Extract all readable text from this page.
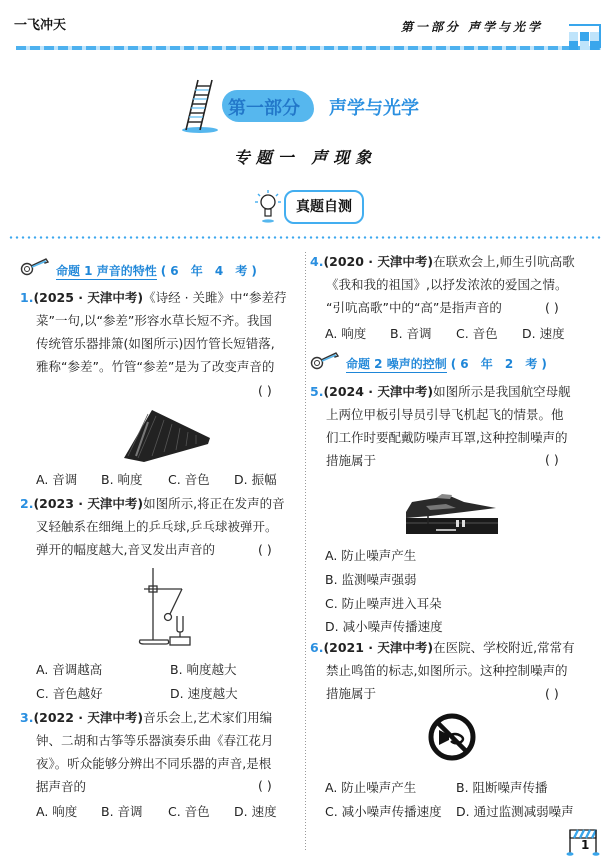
一飞冲天	第一部分 声学与光学
第一部分 声学与光学
专题一 声现象
真题自测
命题 1 声音的特性 (6 年 4 考)
1.(2025 · 天津中考)《诗经 · 关雎》中“参差荇
菜”一句,以“参差”形容水草长短不齐。我国
传统管乐器排箫(如图所示)因竹管长短错落,
雅称“参差”。竹管“参差”是为了改变声音的
( )
A. 音调 B. 响度 C. 音色 D. 振幅
2.(2023 · 天津中考)如图所示,将正在发声的音
叉轻触系在细绳上的乒乓球,乒乓球被弹开。
弹开的幅度越大,音叉发出声音的	( )
A. 音调越高	B. 响度越大
C. 音色越好	D. 速度越大
3.(2022 · 天津中考)音乐会上,艺术家们用编
钟、二胡和古筝等乐器演奏乐曲《春江花月
夜》。听众能够分辨出不同乐器的声音,是根
据声音的	( )
A. 响度 B. 音调 C. 音色 D. 速度
4.(2020 · 天津中考)在联欢会上,师生引吭高歌
《我和我的祖国》,以抒发浓浓的爱国之情。
“引吭高歌”中的“高”是指声音的	( )
A. 响度 B. 音调 C. 音色 D. 速度
命题 2 噪声的控制 (6 年 2 考)
5.(2024 · 天津中考)如图所示是我国航空母舰
上两位甲板引导员引导飞机起飞的情景。他
们工作时要配戴防噪声耳罩,这种控制噪声的
措施属于	( )
A. 防止噪声产生
B. 监测噪声强弱
C. 防止噪声进入耳朵
D. 减小噪声传播速度
6.(2021 · 天津中考)在医院、学校附近,常常有
禁止鸣笛的标志,如图所示。这种控制噪声的
措施属于	( )
A. 防止噪声产生	B. 阻断噪声传播
C. 减小噪声传播速度 D. 通过监测减弱噪声
1
